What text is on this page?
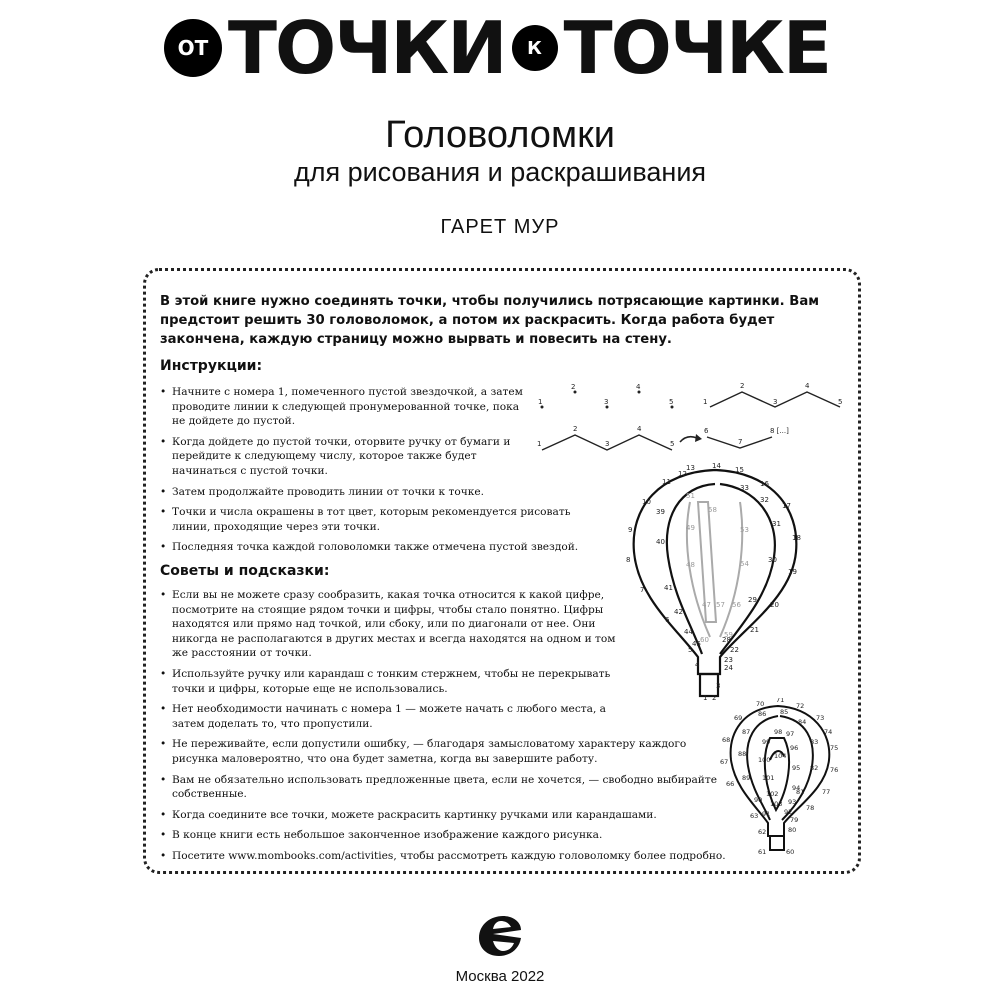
ОТ ТОЧКИ К ТОЧКЕ
Головоломки
для рисования и раскрашивания
ГАРЕТ МУР
В этой книге нужно соединять точки, чтобы получились потрясающие картинки. Вам предстоит решить 30 головоломок, а потом их раскрасить. Когда работа будет закончена, каждую страницу можно вырвать и повесить на стену.
Инструкции:
• Начните с номера 1, помеченного пустой звездочкой, а затем проводите линии к следующей пронумерованной точке, пока не дойдете до пустой.
• Когда дойдете до пустой точки, оторвите ручку от бумаги и перейдите к следующему числу, которое также будет начинаться с пустой точки.
• Затем продолжайте проводить линии от точки к точке.
• Точки и числа окрашены в тот цвет, которым рекомендуется рисовать линии, проходящие через эти точки.
• Последняя точка каждой головоломки также отмечена пустой звездой.
Советы и подсказки:
• Если вы не можете сразу сообразить, какая точка относится к какой цифре, посмотрите на стоящие рядом точки и цифры, чтобы стало понятно. Цифры находятся или прямо над точкой, или сбоку, или по диагонали от нее. Они никогда не располагаются в других местах и всегда находятся на одном и том же расстоянии от точки.
• Используйте ручку или карандаш с тонким стержнем, чтобы не перекрывать точки и цифры, которые еще не использовались.
• Нет необходимости начинать с номера 1 — можете начать с любого места, а затем доделать то, что пропустили.
• Не переживайте, если допустили ошибку, — благодаря замысловатому характеру каждого рисунка маловероятно, что она будет заметна, когда вы завершите работу.
• Вам не обязательно использовать предложенные цвета, если не хочется, — свободно выбирайте собственные.
• Когда соедините все точки, можете раскрасить картинку ручками или карандашами.
• В конце книги есть небольшое законченное изображение каждого рисунка.
• Посетите www.mombooks.com/activities, чтобы рассмотреть каждую головоломку более подробно.
1
2
3
4
5	1
2
3
4
5
1
2
3
4
5
6
7
8 [...]
1 2
3
4
5
6
7
8
9
10
11
12
13 14 15
16
17
18
19
20
21
22
23
24
28
29
30
31
32
33
39
40
41
42
44
45
47
48
49
51
53
54
56
57
58
59
60
60
61
62
63
66
67
68
69
70 71
72
73
74
75
76
77
78
79
80
81
82
83
84
85
86
87
88
89
90
91 92
93
94
95
96
97
98
99
100
101
102
103
104
Москва 2022
